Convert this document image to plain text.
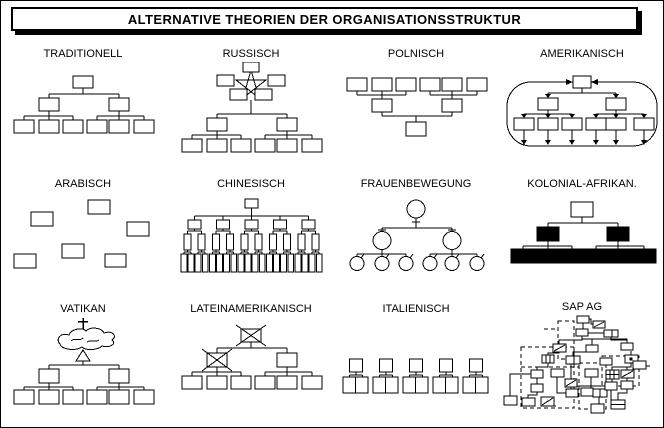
ALTERNATIVE THEORIEN DER ORGANISATIONSSTRUKTUR
TRADITIONELL	RUSSISCH	POLNISCH	AMERIKANISCH
ARABISCH	CHINESISCH	FRAUENBEWEGUNG	KOLONIAL-AFRIKAN.
VATIKAN	LATEINAMERIKANISCH	ITALIENISCH	SAP AG
